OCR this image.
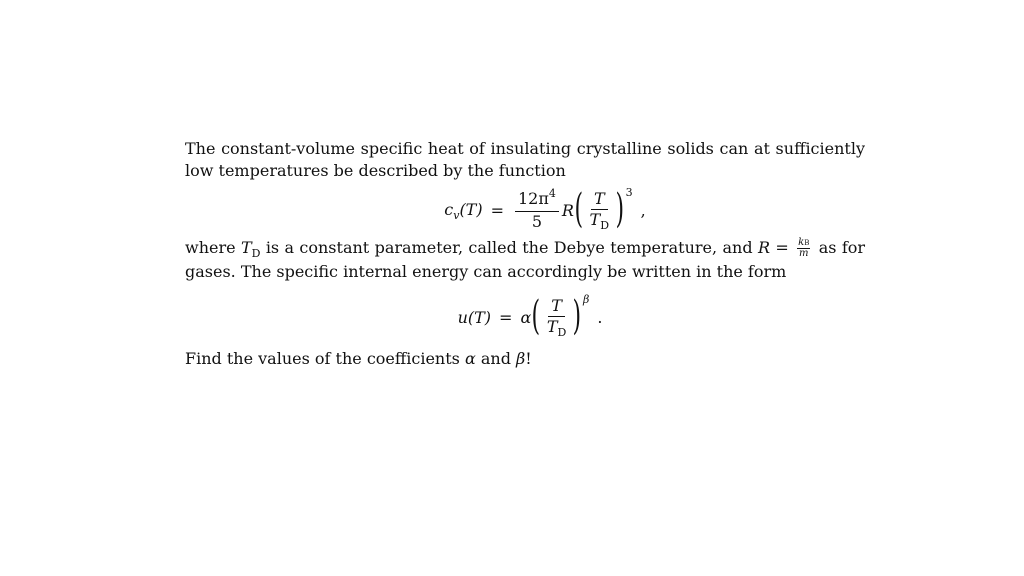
The constant-volume specific heat of insulating crystalline solids can at sufficiently low temperatures be described by the function

$c_v(T) = \frac{12\pi^4}{5}$ R ( $\frac{T}{T_D}$ ) 3
,

where $T_D$ is a constant parameter, called the Debye temperature, and $R = \frac{kB}{m}$ as for gases. The specific internal energy can accordingly be written in the form

u(T) = α ( $\frac{T}{T_D}$ ) β
.

Find the values of the coefficients α and β!
